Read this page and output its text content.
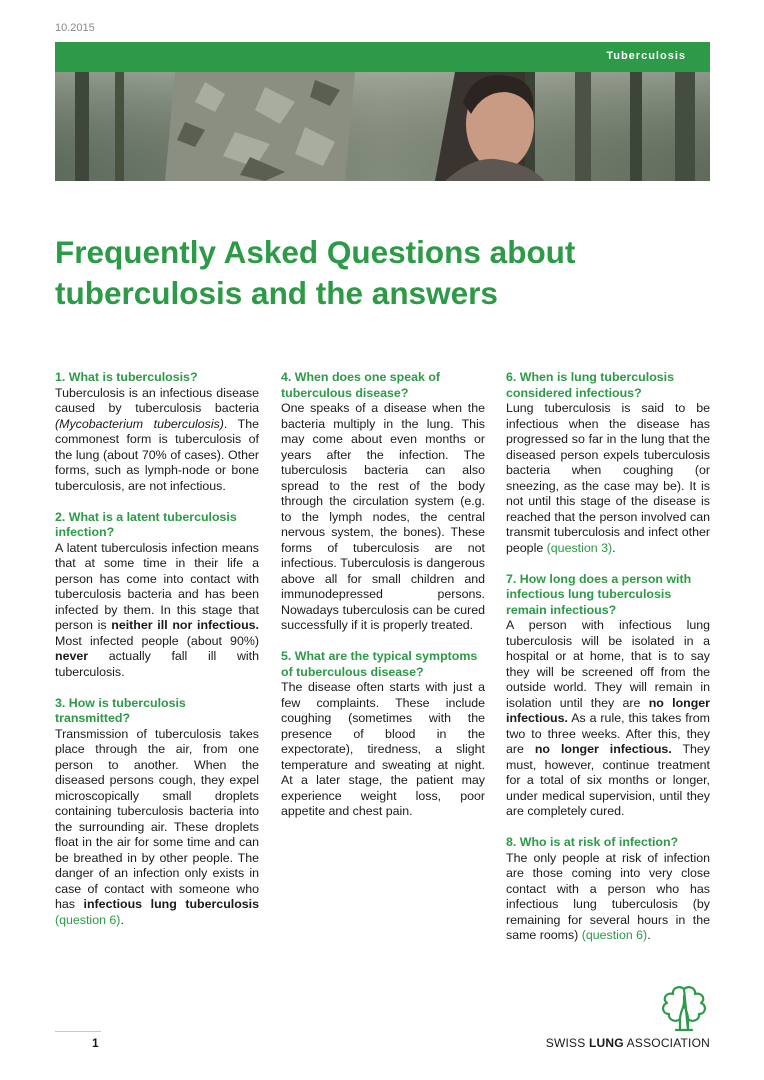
10.2015
Tuberculosis
Frequently Asked Questions about
tuberculosis and the answers
1. What is tuberculosis?

Tuberculosis is an infectious disease caused by tuberculosis bacteria (Mycobacterium tuberculosis). The commonest form is tuberculosis of the lung (about 70% of cases). Other forms, such as lymph-node or bone tuberculosis, are not infectious.

2. What is a latent tuberculosis infection?

A latent tuberculosis infection means that at some time in their life a person has come into contact with tuberculosis bacteria and has been infected by them. In this stage that person is neither ill nor infectious. Most infected people (about 90%) never actually fall ill with tuberculosis.

3. How is tuberculosis transmitted?

Transmission of tuberculosis takes place through the air, from one person to another. When the diseased persons cough, they expel microscopically small droplets containing tuberculosis bacteria into the surrounding air. These droplets float in the air for some time and can be breathed in by other people. The danger of an infection only exists in case of contact with someone who has infectious lung tuberculosis (question 6).

4. When does one speak of tuberculous disease?

One speaks of a disease when the bacteria multiply in the lung. This may come about even months or years after the infection. The tuberculosis bacteria can also spread to the rest of the body through the circulation system (e.g. to the lymph nodes, the central nervous system, the bones). These forms of tuberculosis are not infectious. Tuberculosis is dangerous above all for small children and immunodepressed persons. Nowadays tuberculosis can be cured successfully if it is properly treated.

5. What are the typical symptoms of tuberculous disease?

The disease often starts with just a few complaints. These include coughing (sometimes with the presence of blood in the expectorate), tiredness, a slight temperature and sweating at night. At a later stage, the patient may experience weight loss, poor appetite and chest pain.

6. When is lung tuberculosis considered infectious?

Lung tuberculosis is said to be infectious when the disease has progressed so far in the lung that the diseased person expels tuberculosis bacteria when coughing (or sneezing, as the case may be). It is not until this stage of the disease is reached that the person involved can transmit tuberculosis and infect other people (question 3).

7. How long does a person with infectious lung tuberculosis remain infectious?

A person with infectious lung tuberculosis will be isolated in a hospital or at home, that is to say they will be screened off from the outside world. They will remain in isolation until they are no longer infectious. As a rule, this takes from two to three weeks. After this, they are no longer infectious. They must, however, continue treatment for a total of six months or longer, under medical supervision, until they are completely cured.

8. Who is at risk of infection?

The only people at risk of infection are those coming into very close contact with a person who has infectious lung tuberculosis (by remaining for several hours in the same rooms) (question 6).

1	SWISS LUNG ASSOCIATION
